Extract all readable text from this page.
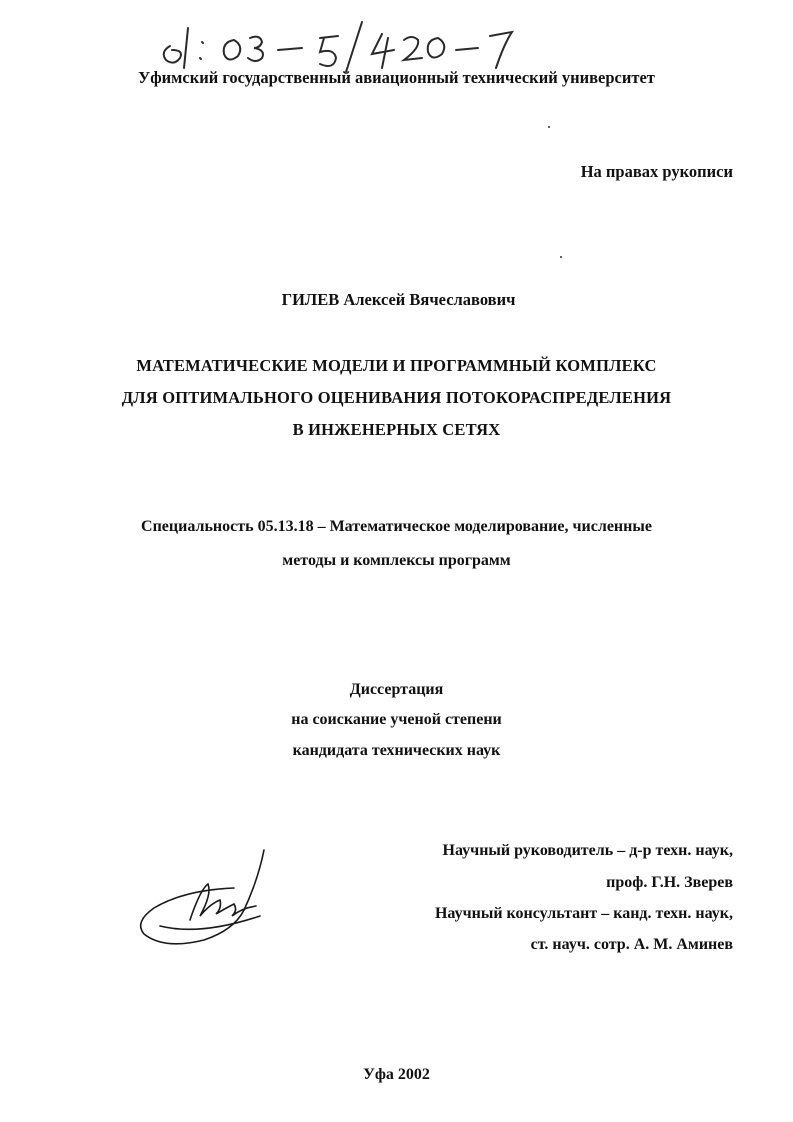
Уфимский государственный авиационный технический университет
На правах рукописи
ГИЛЕВ Алексей Вячеславович
МАТЕМАТИЧЕСКИЕ МОДЕЛИ И ПРОГРАММНЫЙ КОМПЛЕКС
ДЛЯ ОПТИМАЛЬНОГО ОЦЕНИВАНИЯ ПОТОКОРАСПРЕДЕЛЕНИЯ
В ИНЖЕНЕРНЫХ СЕТЯХ
Специальность 05.13.18 – Математическое моделирование, численные
методы и комплексы программ
Диссертация
на соискание ученой степени
кандидата технических наук
Научный руководитель – д-р техн. наук,
проф. Г.Н. Зверев
Научный консультант – канд. техн. наук,
ст. науч. сотр. А. М. Аминев
Уфа 2002
